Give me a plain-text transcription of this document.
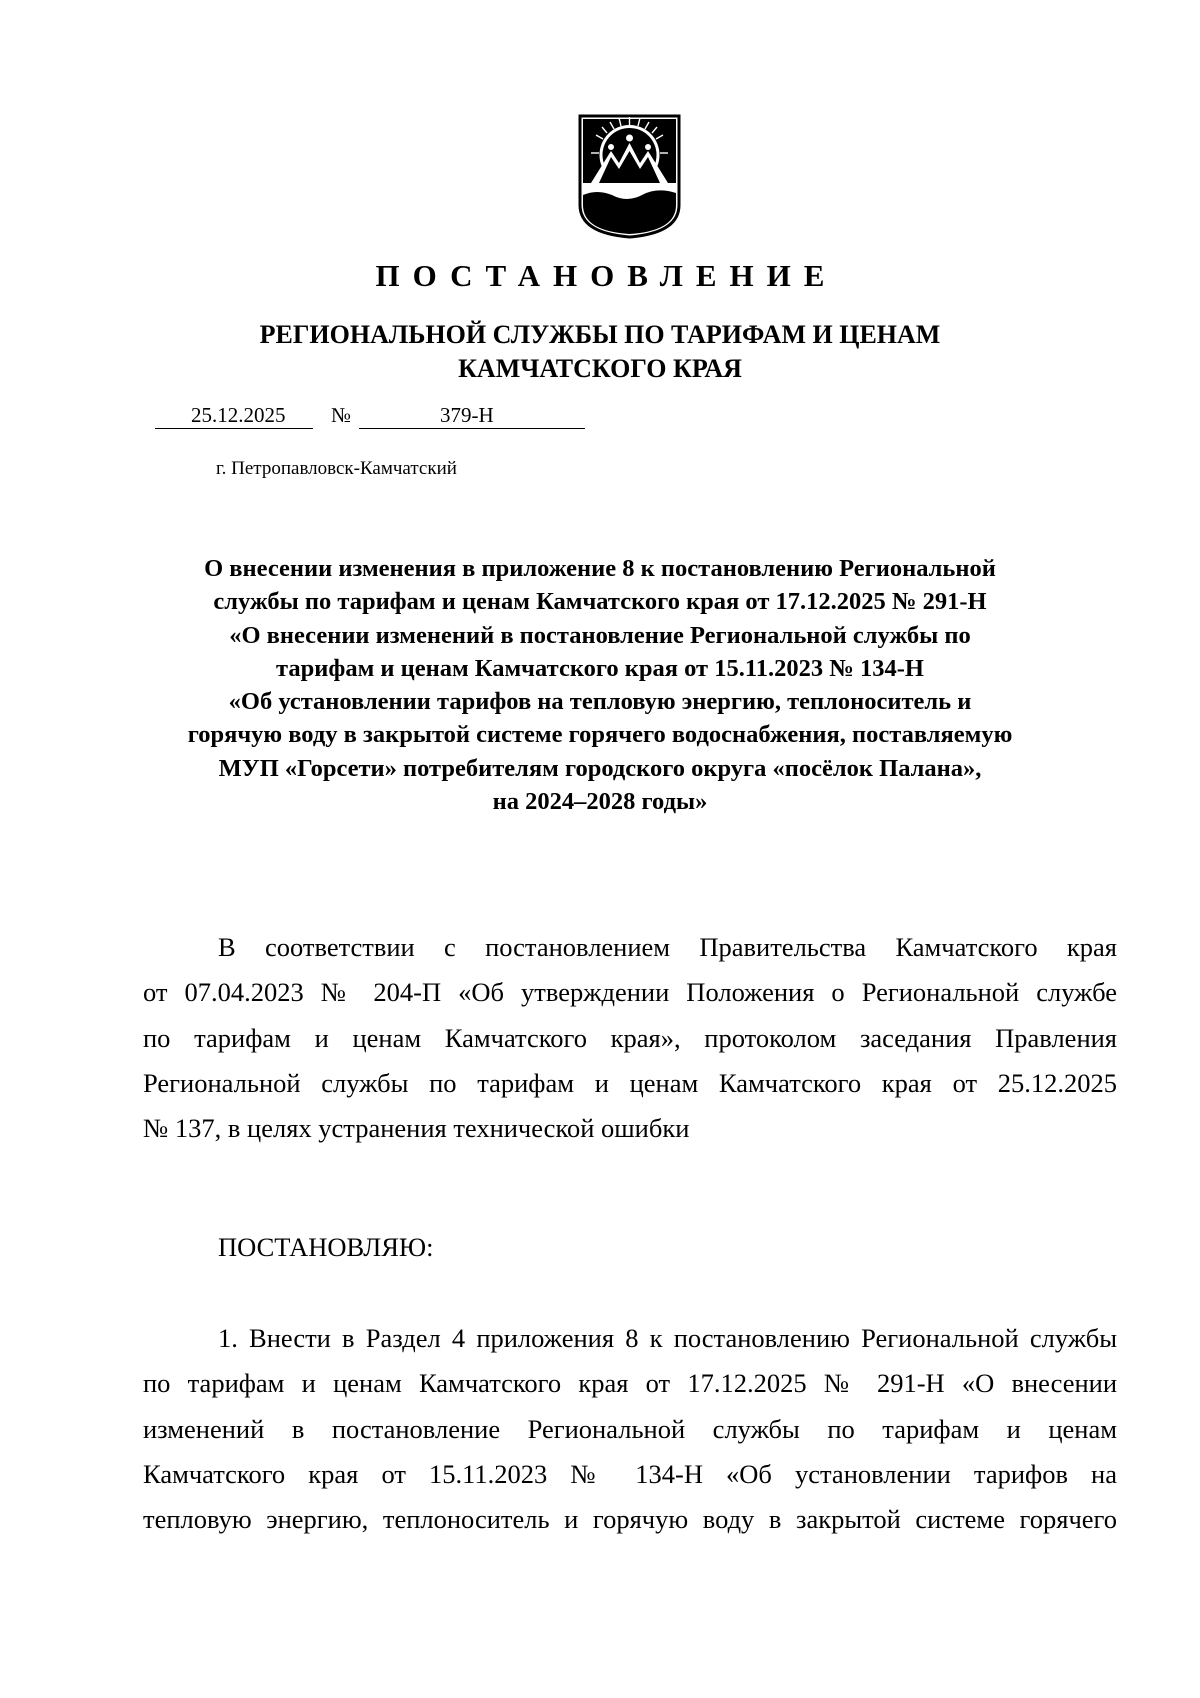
ПОСТАНОВЛЕНИЕ
РЕГИОНАЛЬНОЙ СЛУЖБЫ ПО ТАРИФАМ И ЦЕНАМ
КАМЧАТСКОГО КРАЯ
25.12.2025 №	379-Н
г. Петропавловск-Камчатский
О внесении изменения в приложение 8 к постановлению Региональной
службы по тарифам и ценам Камчатского края от 17.12.2025 № 291-Н
«О внесении изменений в постановление Региональной службы по
тарифам и ценам Камчатского края от 15.11.2023 № 134-Н
«Об установлении тарифов на тепловую энергию, теплоноситель и
горячую воду в закрытой системе горячего водоснабжения, поставляемую
МУП «Горсети» потребителям городского округа «посёлок Палана»,
на 2024–2028 годы»
В соответствии с постановлением Правительства Камчатского края
от 07.04.2023 № 204-П «Об утверждении Положения о Региональной службе
по тарифам и ценам Камчатского края», протоколом заседания Правления
Региональной службы по тарифам и ценам Камчатского края от 25.12.2025
№ 137, в целях устранения технической ошибки
ПОСТАНОВЛЯЮ:
1. Внести в Раздел 4 приложения 8 к постановлению Региональной службы
по тарифам и ценам Камчатского края от 17.12.2025 № 291-Н «О внесении
изменений в постановление Региональной службы по тарифам и ценам
Камчатского края от 15.11.2023 № 134-Н «Об установлении тарифов на
тепловую энергию, теплоноситель и горячую воду в закрытой системе горячего
